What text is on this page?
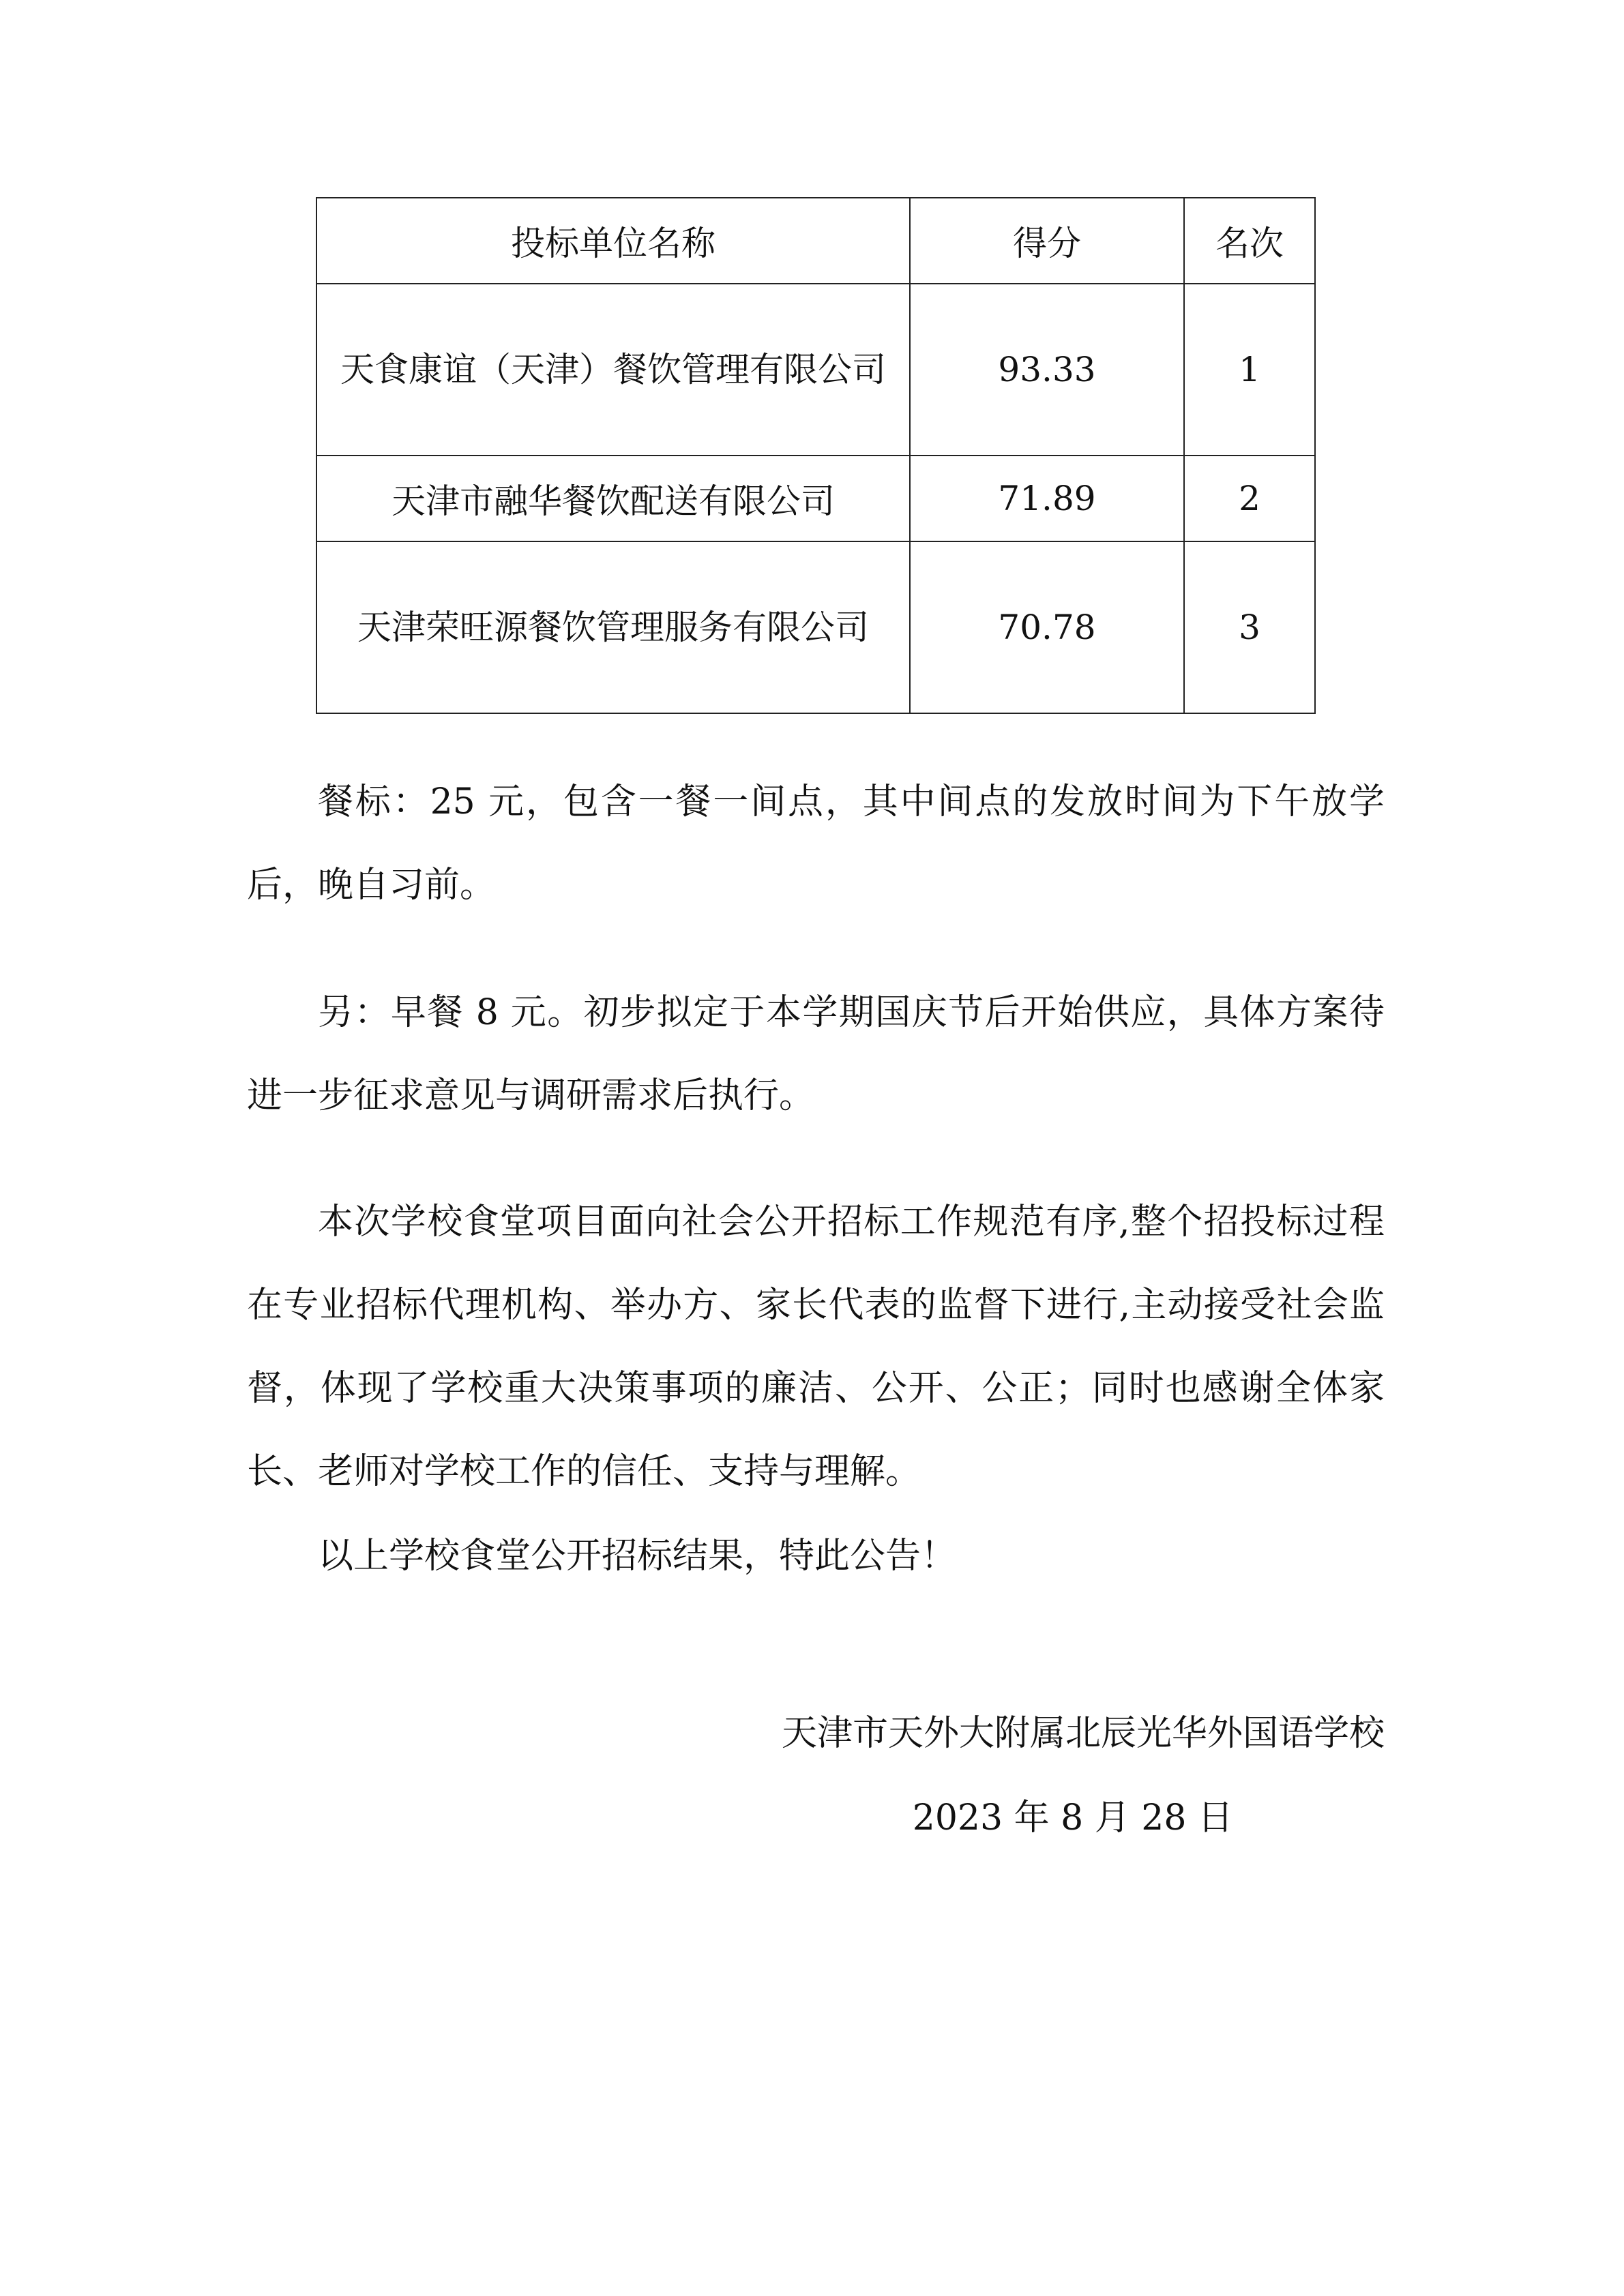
投标单位名称	得分	名次
天食康谊（天津）餐饮管理有限公司	93.33	1
天津市融华餐饮配送有限公司	71.89	2
天津荣旺源餐饮管理服务有限公司	70.78	3

餐标：25 元，包含一餐一间点，其中间点的发放时间为下午放学后，晚自习前。

另：早餐 8 元。初步拟定于本学期国庆节后开始供应，具体方案待进一步征求意见与调研需求后执行。

本次学校食堂项目面向社会公开招标工作规范有序,整个招投标过程在专业招标代理机构、举办方、家长代表的监督下进行,主动接受社会监督，体现了学校重大决策事项的廉洁、公开、公正；同时也感谢全体家长、老师对学校工作的信任、支持与理解。

以上学校食堂公开招标结果，特此公告！

天津市天外大附属北辰光华外国语学校

2023 年 8 月 28 日
